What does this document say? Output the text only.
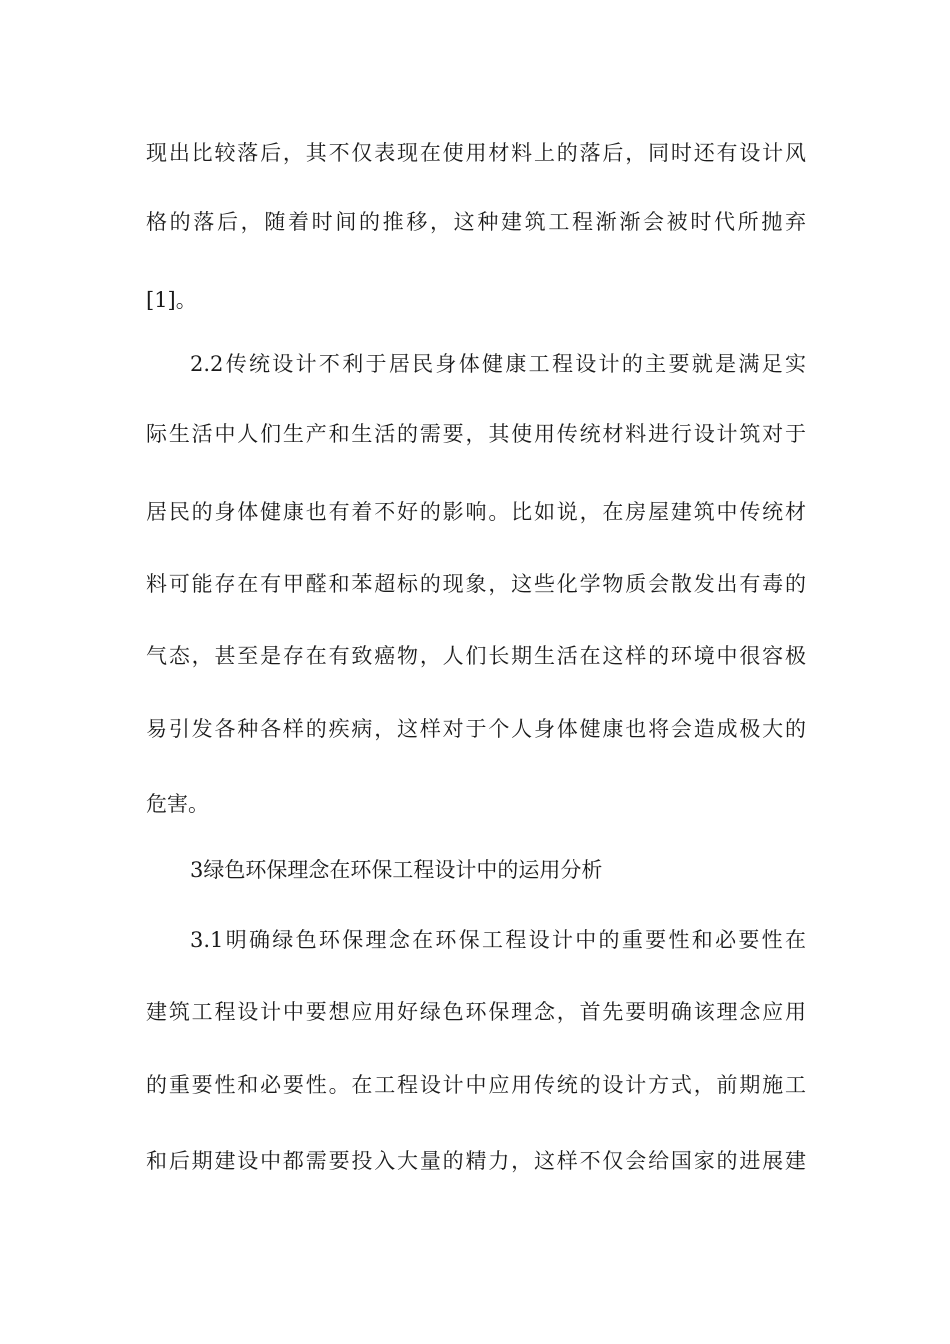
现出比较落后，其不仅表现在使用材料上的落后，同时还有设计风
格的落后，随着时间的推移，这种建筑工程渐渐会被时代所抛弃
[1]。
2.2传统设计不利于居民身体健康工程设计的主要就是满足实
际生活中人们生产和生活的需要，其使用传统材料进行设计筑对于
居民的身体健康也有着不好的影响。比如说，在房屋建筑中传统材
料可能存在有甲醛和苯超标的现象，这些化学物质会散发出有毒的
气态，甚至是存在有致癌物，人们长期生活在这样的环境中很容极
易引发各种各样的疾病，这样对于个人身体健康也将会造成极大的
危害。
3绿色环保理念在环保工程设计中的运用分析
3.1明确绿色环保理念在环保工程设计中的重要性和必要性在
建筑工程设计中要想应用好绿色环保理念，首先要明确该理念应用
的重要性和必要性。在工程设计中应用传统的设计方式，前期施工
和后期建设中都需要投入大量的精力，这样不仅会给国家的进展建
